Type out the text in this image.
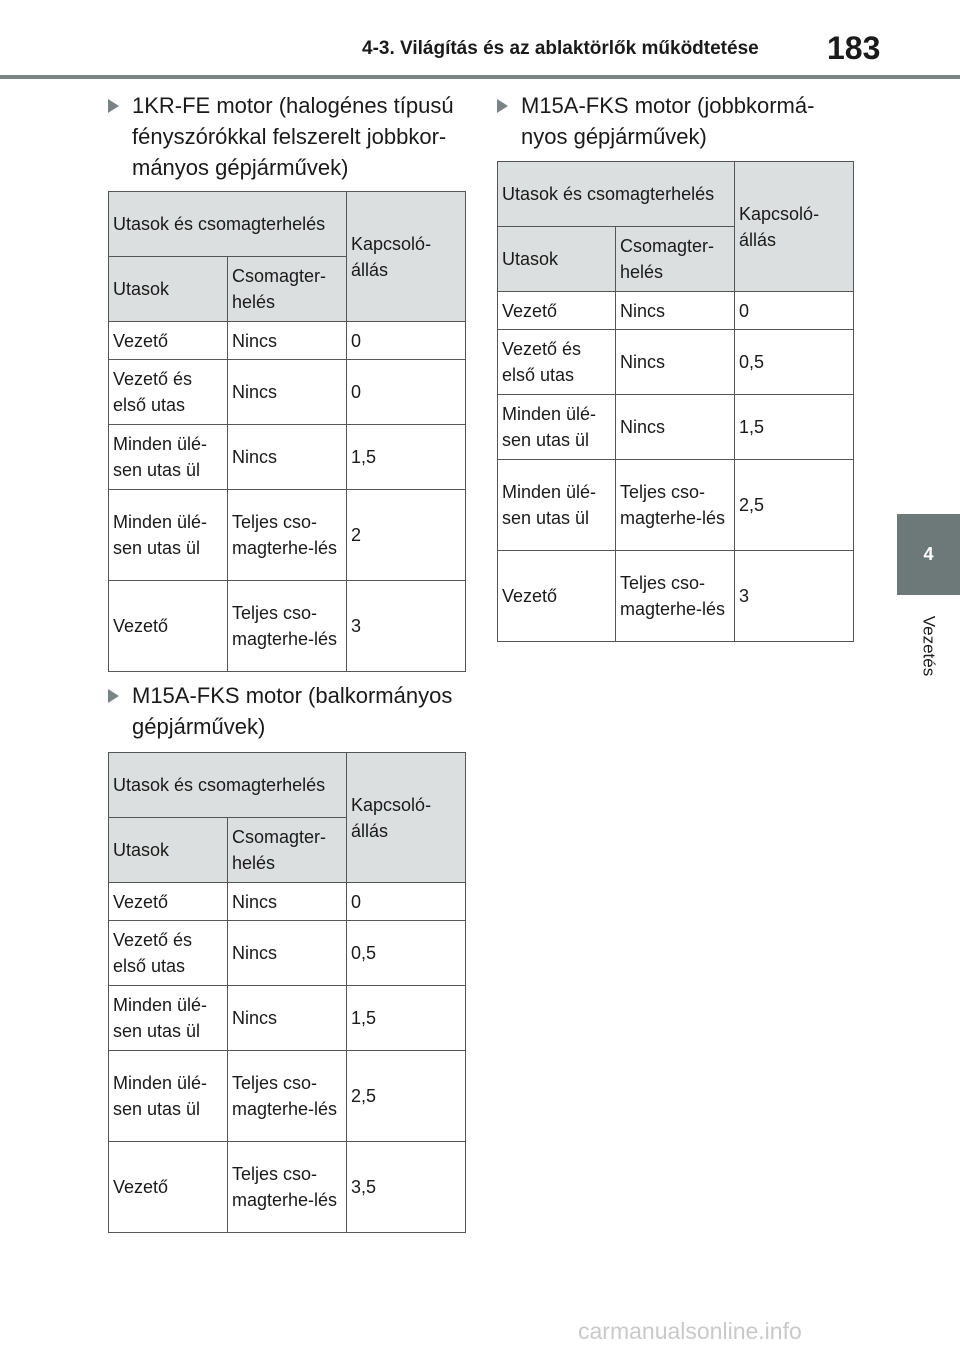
4-3. Világítás és az ablaktörlők működtetése 183
4
Vezetés
1KR-FE motor (halogénes típusú fényszórókkal felszerelt jobbkor-mányos gépjárművek)
Utasok és csomagterhelés		Kapcsoló-állás
Utasok	Csomagter-helés	
Vezető	Nincs	0
Vezető és első utas	Nincs	0
Minden ülé-sen utas ül	Nincs	1,5
Minden ülé-sen utas ül	Teljes cso-magterhe-lés	2
Vezető	Teljes cso-magterhe-lés	3
M15A-FKS motor (balkormányos gépjárművek)
Utasok és csomagterhelés		Kapcsoló-állás
Utasok	Csomagter-helés	
Vezető	Nincs	0
Vezető és első utas	Nincs	0,5
Minden ülé-sen utas ül	Nincs	1,5
Minden ülé-sen utas ül	Teljes cso-magterhe-lés	2,5
Vezető	Teljes cso-magterhe-lés	3,5
M15A-FKS motor (jobbkormá-nyos gépjárművek)
Utasok és csomagterhelés		Kapcsoló-állás
Utasok	Csomagter-helés	
Vezető	Nincs	0
Vezető és első utas	Nincs	0,5
Minden ülé-sen utas ül	Nincs	1,5
Minden ülé-sen utas ül	Teljes cso-magterhe-lés	2,5
Vezető	Teljes cso-magterhe-lés	3
carmanualsonline.info
